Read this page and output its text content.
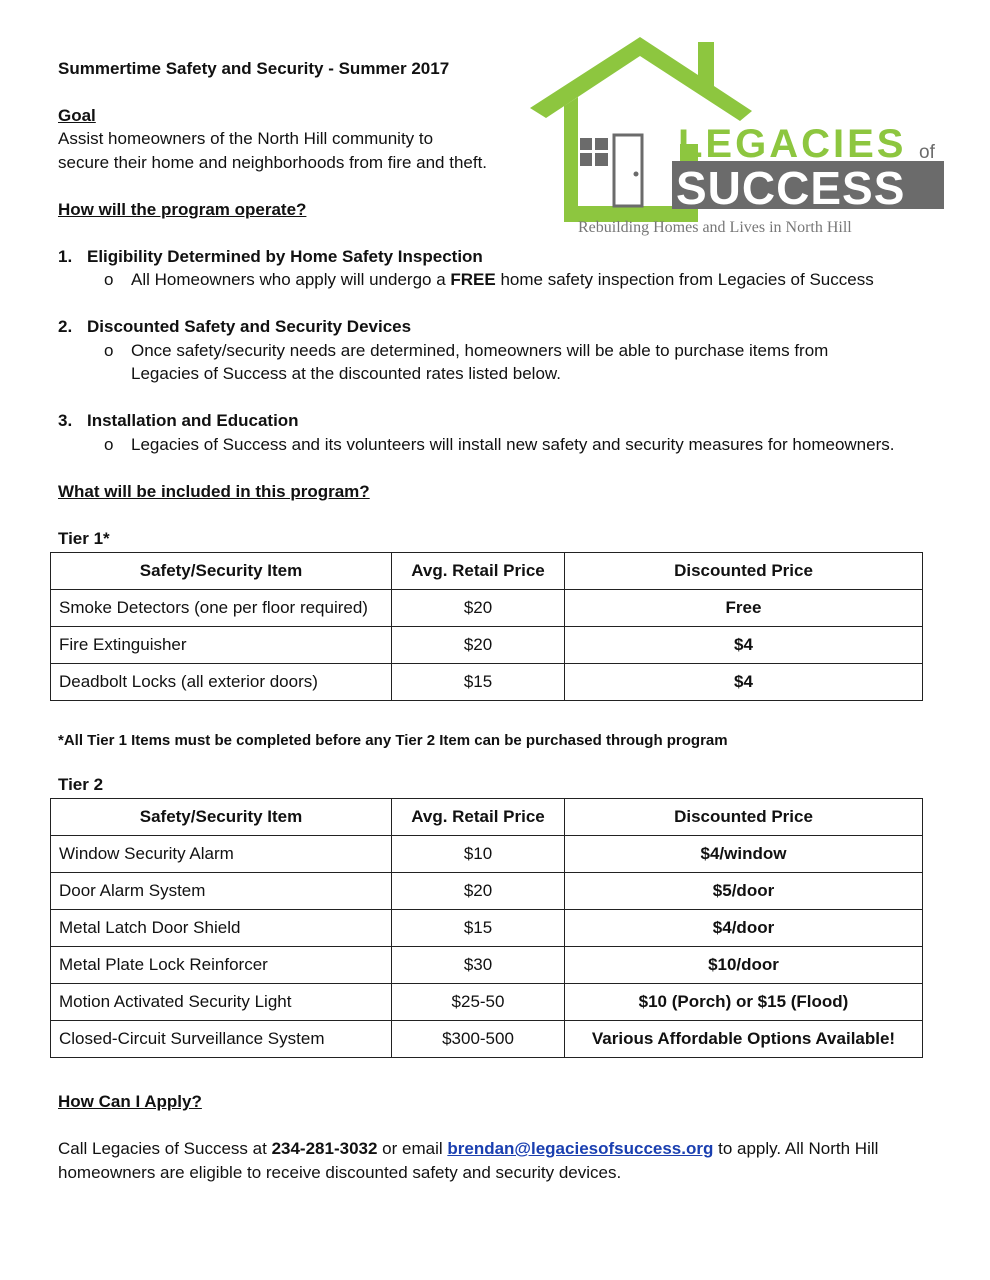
Summertime Safety and Security - Summer 2017
Goal
Assist homeowners of the North Hill community to
secure their home and neighborhoods from fire and theft.	LEGACIES of
SUCCESS
Rebuilding Homes and Lives in North Hill
How will the program operate?
1. Eligibility Determined by Home Safety Inspection
o All Homeowners who apply will undergo a FREE home safety inspection from Legacies of Success
2. Discounted Safety and Security Devices
o Once safety/security needs are determined, homeowners will be able to purchase items from
Legacies of Success at the discounted rates listed below.
3. Installation and Education
o Legacies of Success and its volunteers will install new safety and security measures for homeowners.
What will be included in this program?
Tier 1*
Safety/Security Item	Avg. Retail Price	Discounted Price
Smoke Detectors (one per floor required)	$20	Free
Fire Extinguisher	$20	$4
Deadbolt Locks (all exterior doors)	$15	$4
*All Tier 1 Items must be completed before any Tier 2 Item can be purchased through program
Tier 2
Safety/Security Item	Avg. Retail Price	Discounted Price
Window Security Alarm	$10	$4/window
Door Alarm System	$20	$5/door
Metal Latch Door Shield	$15	$4/door
Metal Plate Lock Reinforcer	$30	$10/door
Motion Activated Security Light	$25-50	$10 (Porch) or $15 (Flood)
Closed-Circuit Surveillance System	$300-500	Various Affordable Options Available!
How Can I Apply?
Call Legacies of Success at 234-281-3032 or email brendan@legaciesofsuccess.org to apply. All North Hill
homeowners are eligible to receive discounted safety and security devices.
